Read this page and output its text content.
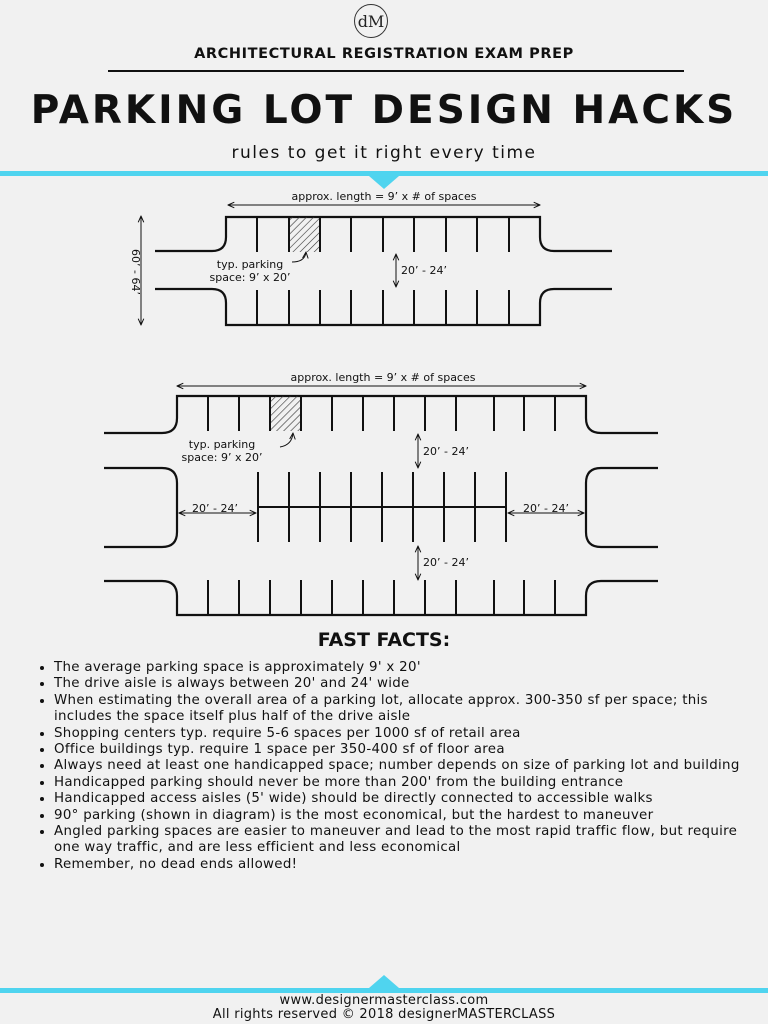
dM
ARCHITECTURAL REGISTRATION EXAM PREP
PARKING LOT DESIGN HACKS
rules to get it right every time
approx. length = 9’ x # of spaces
60’ - 64’	typ. parking
space: 9’ x 20’
20’ - 24’
approx. length = 9’ x # of spaces
typ. parking
space: 9’ x 20’	20’ - 24’
20’ - 24’	20’ - 24’
20’ - 24’
FAST FACTS:
• The average parking space is approximately 9' x 20'
• The drive aisle is always between 20' and 24' wide
• When estimating the overall area of a parking lot, allocate approx. 300-350 sf per space; this includes the space itself plus half of the drive aisle
• Shopping centers typ. require 5-6 spaces per 1000 sf of retail area
• Office buildings typ. require 1 space per 350-400 sf of floor area
• Always need at least one handicapped space; number depends on size of parking lot and building
• Handicapped parking should never be more than 200' from the building entrance
• Handicapped access aisles (5' wide) should be directly connected to accessible walks
• 90° parking (shown in diagram) is the most economical, but the hardest to maneuver
• Angled parking spaces are easier to maneuver and lead to the most rapid traffic flow, but require one way traffic, and are less efficient and less economical
• Remember, no dead ends allowed!
www.designermasterclass.com
All rights reserved © 2018 designerMASTERCLASS
